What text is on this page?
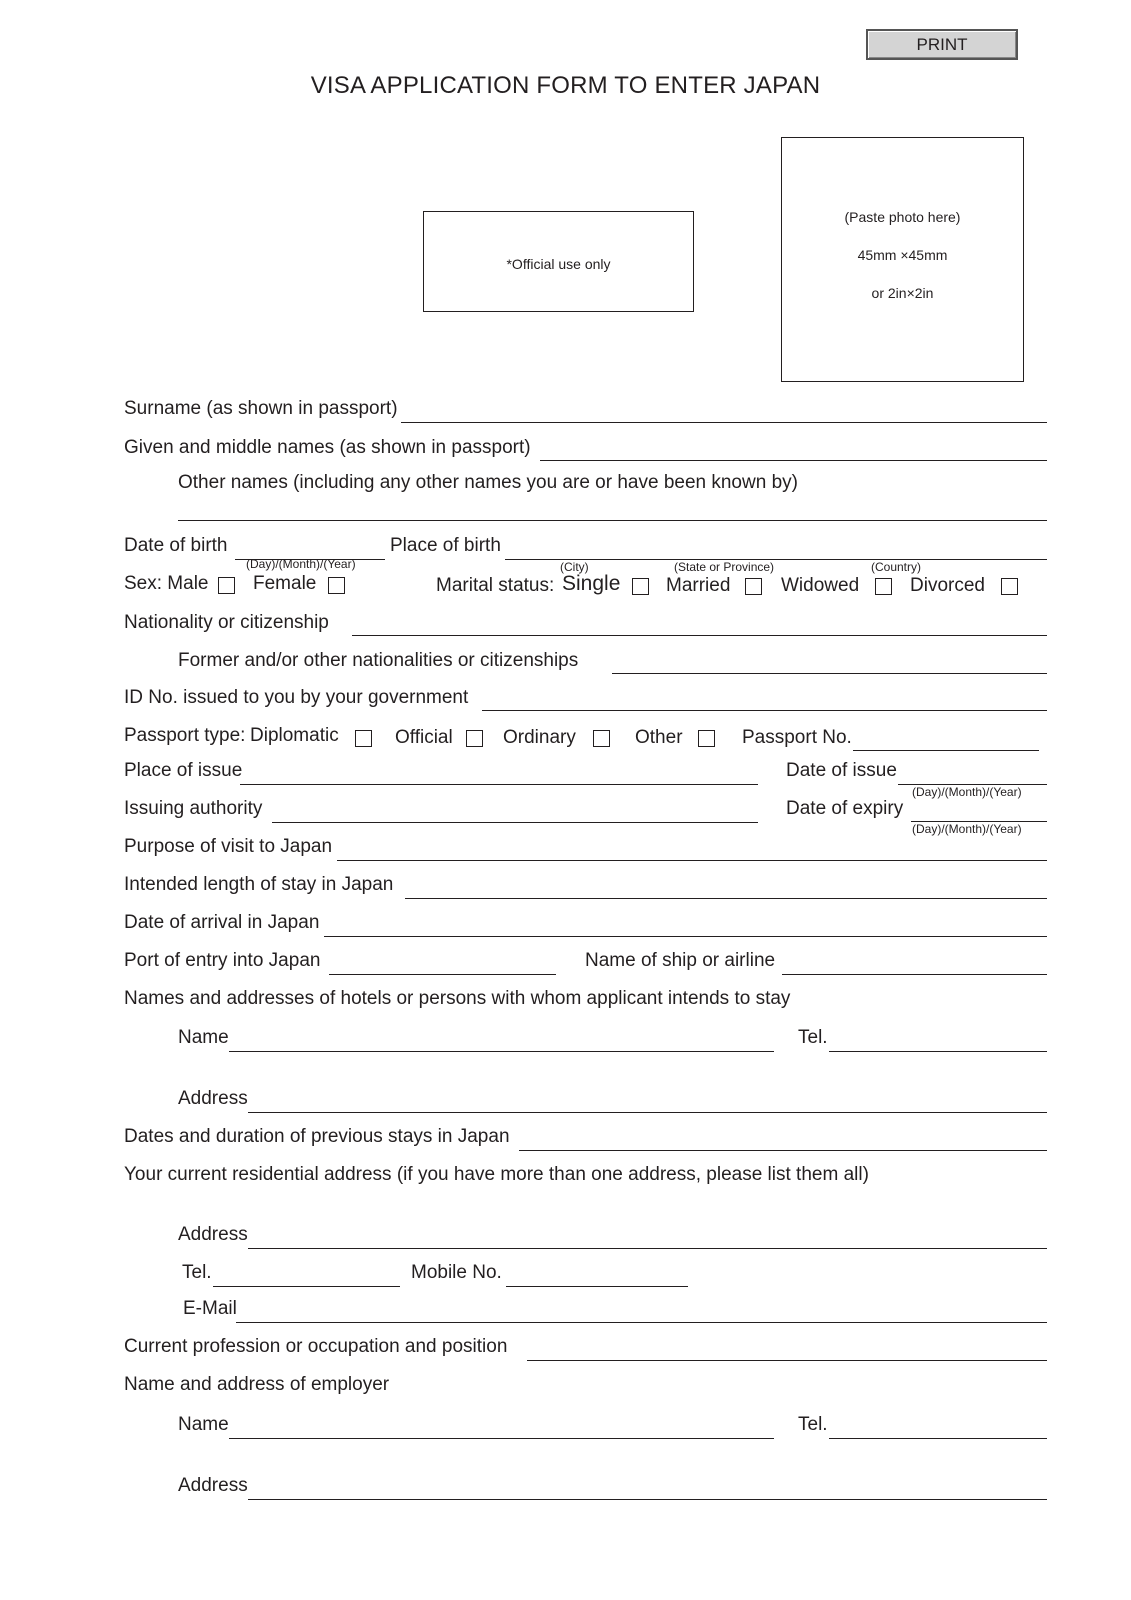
PRINT
VISA APPLICATION FORM TO ENTER JAPAN
*Official use only
(Paste photo here)
45mm ×45mm
or 2in×2in
Surname (as shown in passport)
Given and middle names (as shown in passport)
Other names (including any other names you are or have been known by)
Date of birth
(Day)/(Month)/(Year)
Place of birth
(City)	(State or Province)	(Country)
Sex: Male Female	Marital status: Single Married	Widowed	Divorced
Nationality or citizenship
Former and/or other nationalities or citizenships
ID No. issued to you by your government
Passport type: Diplomatic	Official	Ordinary	Other	Passport No.
Place of issue	Date of issue
(Day)/(Month)/(Year)
Issuing authority	Date of expiry
(Day)/(Month)/(Year)
Purpose of visit to Japan
Intended length of stay in Japan
Date of arrival in Japan
Port of entry into Japan	Name of ship or airline
Names and addresses of hotels or persons with whom applicant intends to stay
Name	Tel.
Address
Dates and duration of previous stays in Japan
Your current residential address (if you have more than one address, please list them all)
Address
Tel.	Mobile No.
E-Mail
Current profession or occupation and position
Name and address of employer
Name	Tel.
Address
